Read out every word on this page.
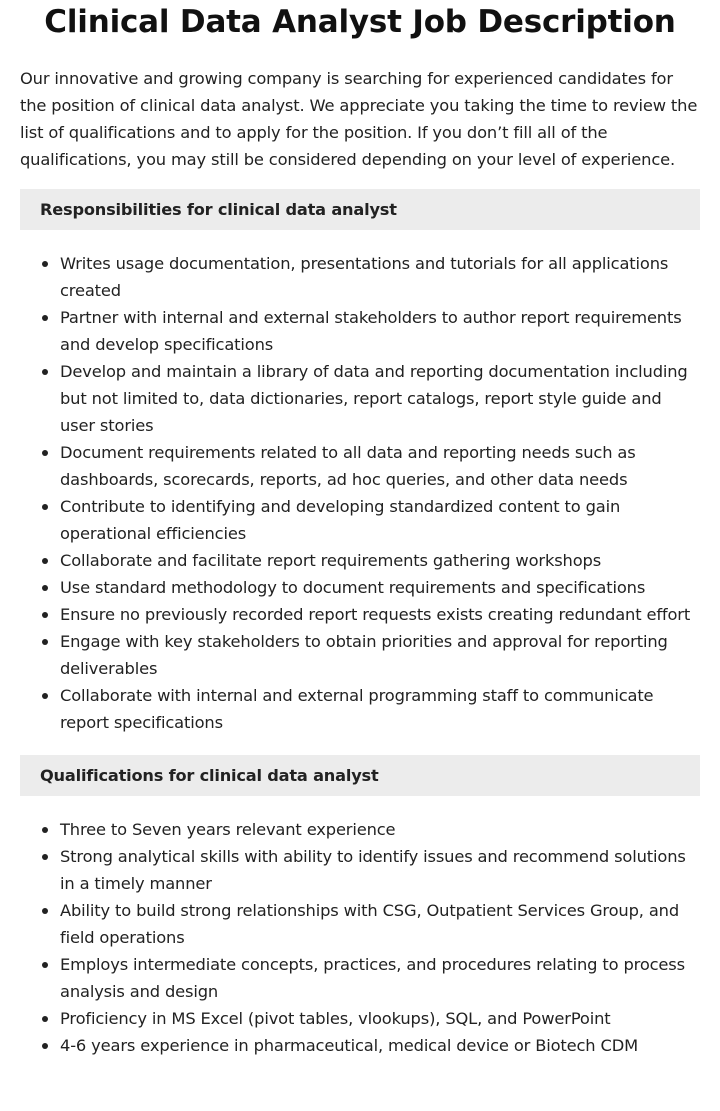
Clinical Data Analyst Job Description

Our innovative and growing company is searching for experienced candidates for the position of clinical data analyst. We appreciate you taking the time to review the list of qualifications and to apply for the position. If you don’t fill all of the qualifications, you may still be considered depending on your level of experience.

Responsibilities for clinical data analyst
Writes usage documentation, presentations and tutorials for all applications created
Partner with internal and external stakeholders to author report requirements and develop specifications
Develop and maintain a library of data and reporting documentation including but not limited to, data dictionaries, report catalogs, report style guide and user stories
Document requirements related to all data and reporting needs such as dashboards, scorecards, reports, ad hoc queries, and other data needs
Contribute to identifying and developing standardized content to gain operational efficiencies
Collaborate and facilitate report requirements gathering workshops
Use standard methodology to document requirements and specifications
Ensure no previously recorded report requests exists creating redundant effort
Engage with key stakeholders to obtain priorities and approval for reporting deliverables
Collaborate with internal and external programming staff to communicate report specifications
Qualifications for clinical data analyst
Three to Seven years relevant experience
Strong analytical skills with ability to identify issues and recommend solutions in a timely manner
Ability to build strong relationships with CSG, Outpatient Services Group, and field operations
Employs intermediate concepts, practices, and procedures relating to process analysis and design
Proficiency in MS Excel (pivot tables, vlookups), SQL, and PowerPoint
4-6 years experience in pharmaceutical, medical device or Biotech CDM
